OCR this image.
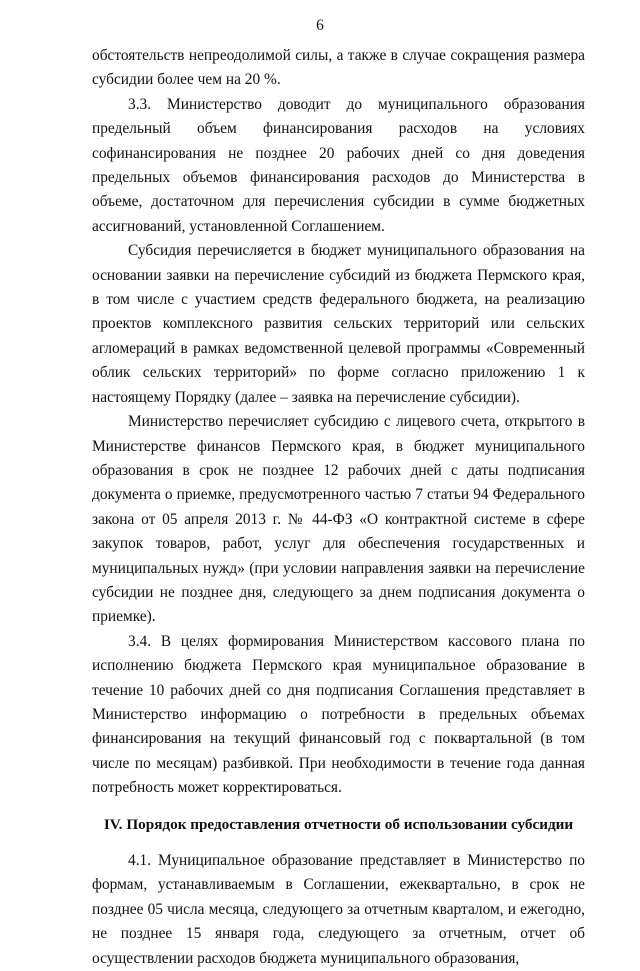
6

обстоятельств непреодолимой силы, а также в случае сокращения размера субсидии более чем на 20 %.

3.3. Министерство доводит до муниципального образования предельный объем финансирования расходов на условиях софинансирования не позднее 20 рабочих дней со дня доведения предельных объемов финансирования расходов до Министерства в объеме, достаточном для перечисления субсидии в сумме бюджетных ассигнований, установленной Соглашением.

Субсидия перечисляется в бюджет муниципального образования на основании заявки на перечисление субсидий из бюджета Пермского края, в том числе с участием средств федерального бюджета, на реализацию проектов комплексного развития сельских территорий или сельских агломераций в рамках ведомственной целевой программы «Современный облик сельских территорий» по форме согласно приложению 1 к настоящему Порядку (далее – заявка на перечисление субсидии).

Министерство перечисляет субсидию с лицевого счета, открытого в Министерстве финансов Пермского края, в бюджет муниципального образования в срок не позднее 12 рабочих дней с даты подписания документа о приемке, предусмотренного частью 7 статьи 94 Федерального закона от 05 апреля 2013 г. № 44-ФЗ «О контрактной системе в сфере закупок товаров, работ, услуг для обеспечения государственных и муниципальных нужд» (при условии направления заявки на перечисление субсидии не позднее дня, следующего за днем подписания документа о приемке).

3.4. В целях формирования Министерством кассового плана по исполнению бюджета Пермского края муниципальное образование в течение 10 рабочих дней со дня подписания Соглашения представляет в Министерство информацию о потребности в предельных объемах финансирования на текущий финансовый год с поквартальной (в том числе по месяцам) разбивкой. При необходимости в течение года данная потребность может корректироваться.

IV. Порядок предоставления отчетности об использовании субсидии

4.1. Муниципальное образование представляет в Министерство по формам, устанавливаемым в Соглашении, ежеквартально, в срок не позднее 05 числа месяца, следующего за отчетным кварталом, и ежегодно, не позднее 15 января года, следующего за отчетным, отчет об осуществлении расходов бюджета муниципального образования,
